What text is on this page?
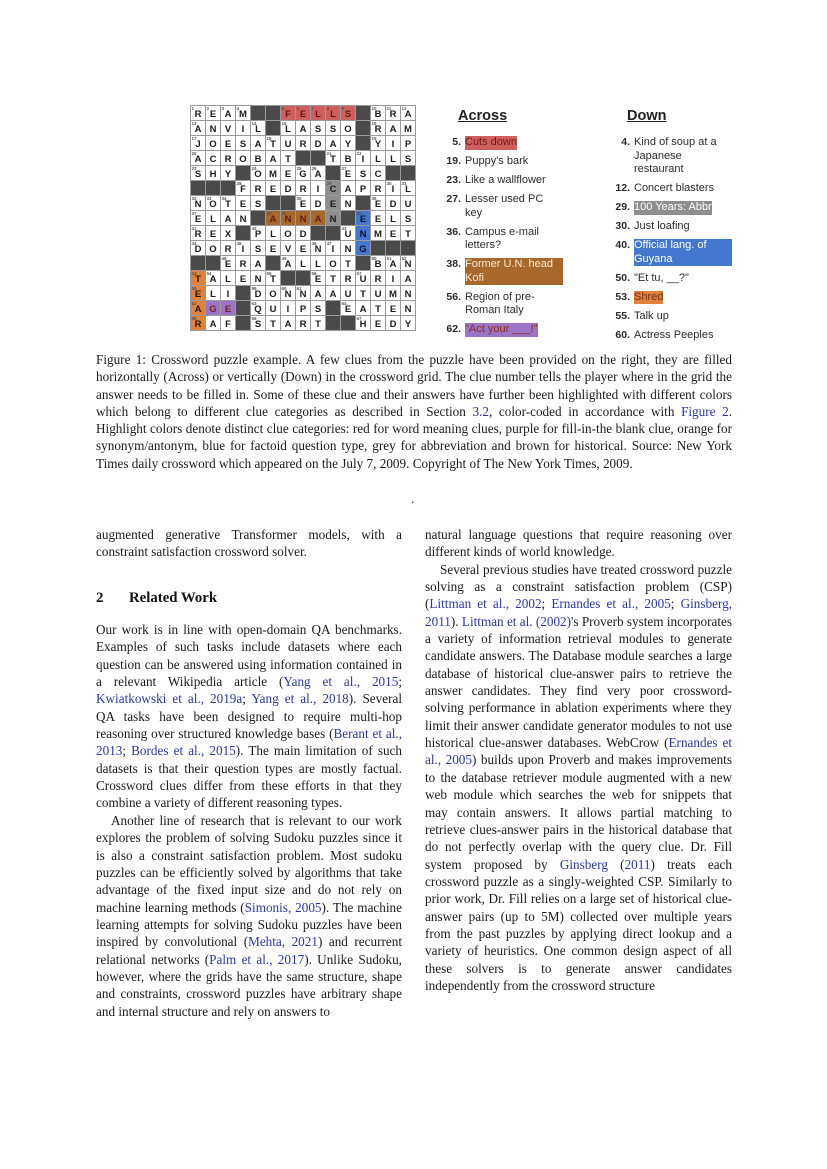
1
R
2
E
3
A
4
M
5
F
6
E
7
L
8
L
9
S
10
B
11
R
12
A
13
A N V I
14
L
15
L A S S O
16
R A M
17
J O E S A
18
T U R D A Y
19
Y I P
20
A C R O B A T
21
T B
22
I L L S
23
S H Y
24
O M E
25
G
26
A
27
E S C
28
F R E D R I
29
C A P R
30
I
31
L
32
N
33
O
34
T E S
35
E D E N
36
E D U
37
E L A N
38
A
39
N N A N
40
E E L S
41
R E X
42
P L O D
43
U N M E T
44
D O R
45
I S E V E
46
N
47
I N G
48
E R A
49
A L L O T
50
B
51
A
52
N
53
T
54
A L E N
55
T
56
E T R
57
U R I A
58
E L I
59
D O
60
N
61
N A A U T U M N
62
A G E
63
Q U I P S
64
E A T E N
65
R A F
66
S T A R T
67
H E D Y
Across
5. Cuts down
19. Puppy's bark
23. Like a wallflower
27. Lesser used PC key
36. Campus e-mail letters?
38. Former U.N. head Kofi
56. Region of pre-Roman Italy
62. "Act your ___!"
Down
4. Kind of soup at a Japanese restaurant
12. Concert blasters
29. 100 Years: Abbr
30. Just loafing
40. Official lang. of Guyana
50. "Et tu, __?"
53. Shred
55. Talk up
60. Actress Peeples
Figure 1: Crossword puzzle example. A few clues from the puzzle have been provided on the right, they are filled horizontally (Across) or vertically (Down) in the crossword grid. The clue number tells the player where in the grid the answer needs to be filled in. Some of these clue and their answers have further been highlighted with different colors which belong to different clue categories as described in Section 3.2, color-coded in accordance with Figure 2. Highlight colors denote distinct clue categories: red for word meaning clues, purple for fill-in-the blank clue, orange for synonym/antonym, blue for factoid question type, grey for abbreviation and brown for historical. Source: New York Times daily crossword which appeared on the July 7, 2009. Copyright of The New York Times, 2009.
.

augmented generative Transformer models, with a constraint satisfaction crossword solver.

2	Related Work

Our work is in line with open-domain QA benchmarks. Examples of such tasks include datasets where each question can be answered using information contained in a relevant Wikipedia article (Yang et al., 2015; Kwiatkowski et al., 2019a; Yang et al., 2018). Several QA tasks have been designed to require multi-hop reasoning over structured knowledge bases (Berant et al., 2013; Bordes et al., 2015). The main limitation of such datasets is that their question types are mostly factual. Crossword clues differ from these efforts in that they combine a variety of different reasoning types.

Another line of research that is relevant to our work explores the problem of solving Sudoku puzzles since it is also a constraint satisfaction problem. Most sudoku puzzles can be efficiently solved by algorithms that take advantage of the fixed input size and do not rely on machine learning methods (Simonis, 2005). The machine learning attempts for solving Sudoku puzzles have been inspired by convolutional (Mehta, 2021) and recurrent relational networks (Palm et al., 2017). Unlike Sudoku, however, where the grids have the same structure, shape and constraints, crossword puzzles have arbitrary shape and internal structure and rely on answers to

natural language questions that require reasoning over different kinds of world knowledge.

Several previous studies have treated crossword puzzle solving as a constraint satisfaction problem (CSP) (Littman et al., 2002; Ernandes et al., 2005; Ginsberg, 2011). Littman et al. (2002)'s Proverb system incorporates a variety of information retrieval modules to generate candidate answers. The Database module searches a large database of historical clue-answer pairs to retrieve the answer candidates. They find very poor crossword-solving performance in ablation experiments where they limit their answer candidate generator modules to not use historical clue-answer databases. WebCrow (Ernandes et al., 2005) builds upon Proverb and makes improvements to the database retriever module augmented with a new web module which searches the web for snippets that may contain answers. It allows partial matching to retrieve clues-answer pairs in the historical database that do not perfectly overlap with the query clue. Dr. Fill system proposed by Ginsberg (2011) treats each crossword puzzle as a singly-weighted CSP. Similarly to prior work, Dr. Fill relies on a large set of historical clue-answer pairs (up to 5M) collected over multiple years from the past puzzles by applying direct lookup and a variety of heuristics. One common design aspect of all these solvers is to generate answer candidates independently from the crossword structure
